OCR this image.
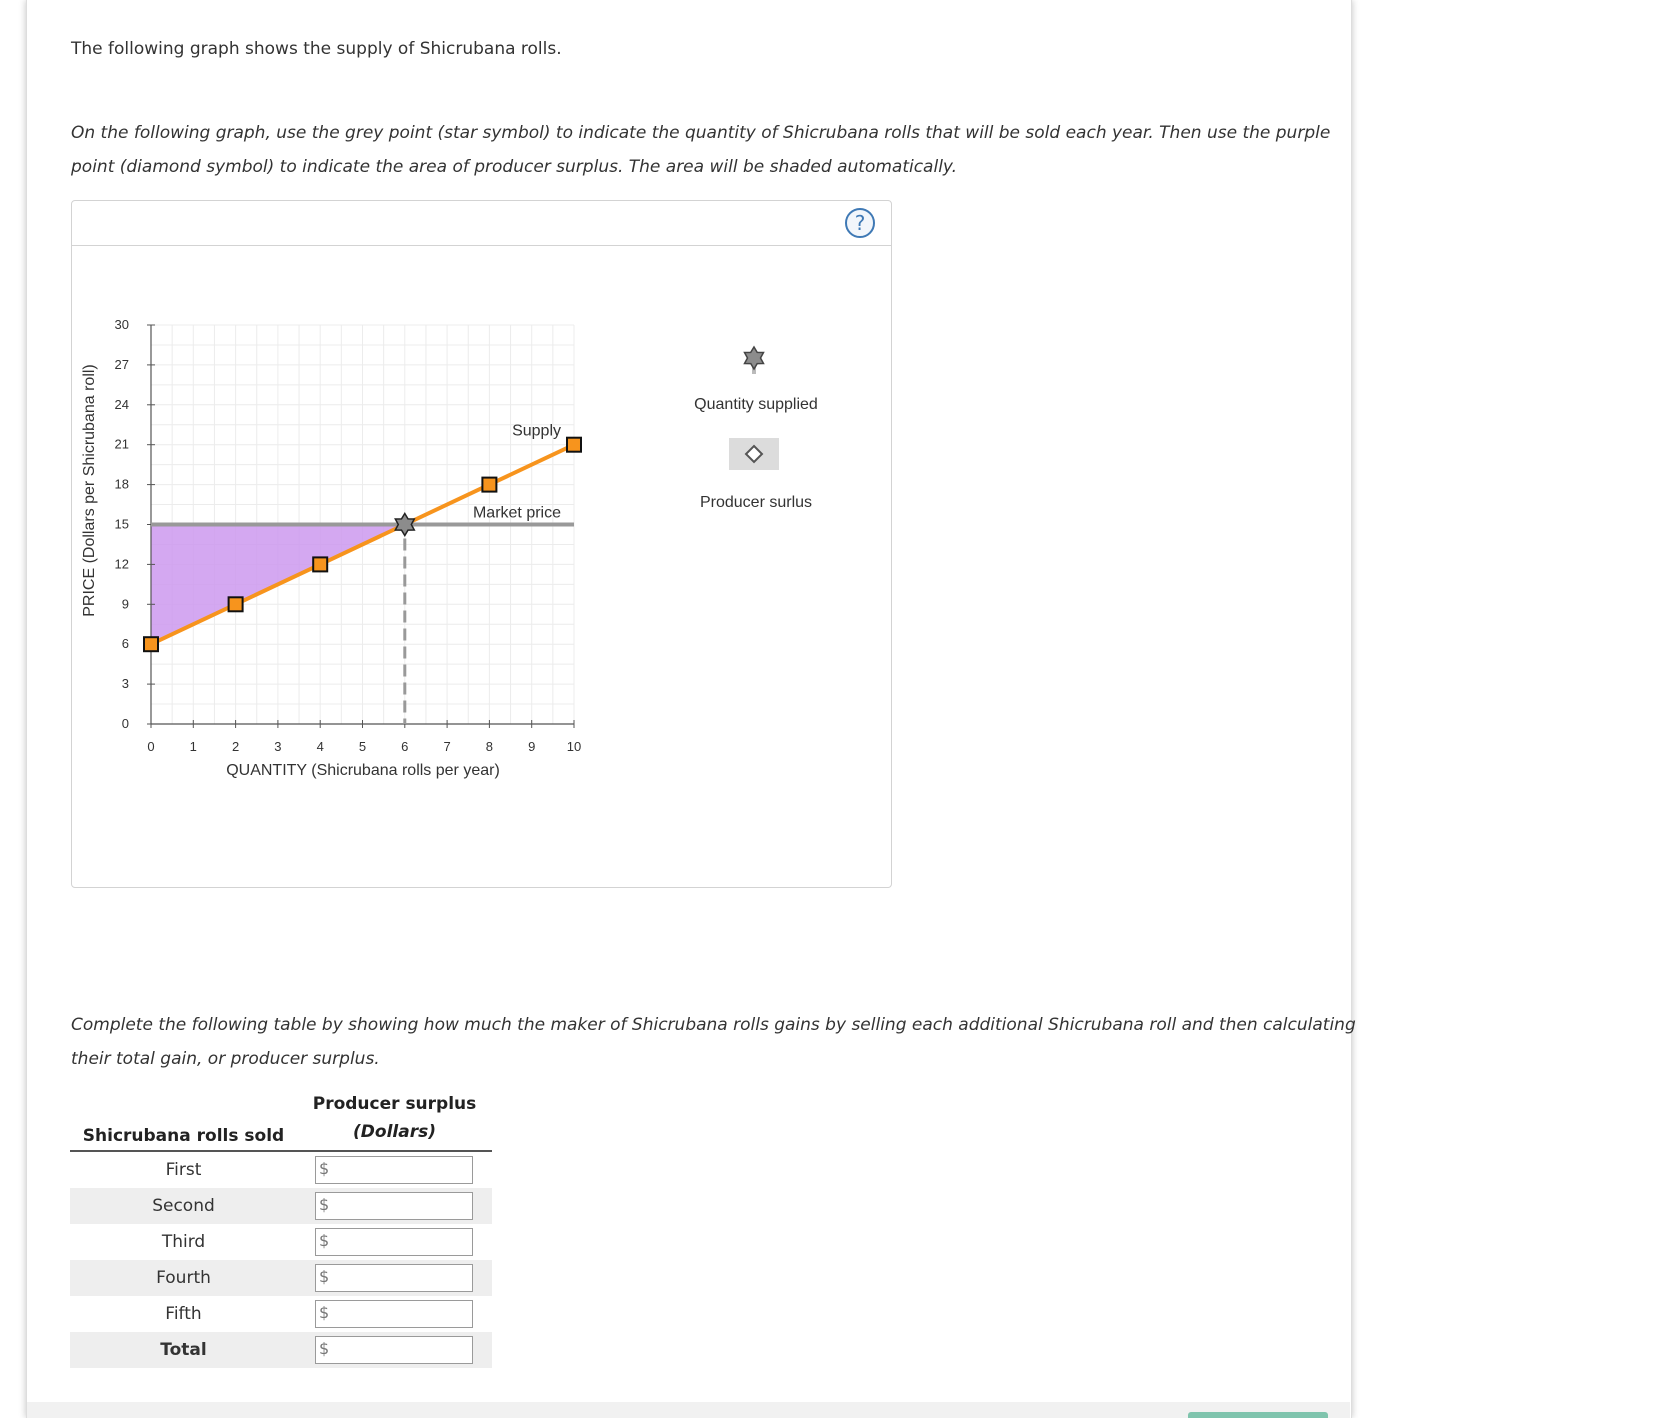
The following graph shows the supply of Shicrubana rolls.
On the following graph, use the grey point (star symbol) to indicate the quantity of Shicrubana rolls that will be sold each year. Then use the purple point (diamond symbol) to indicate the area of producer surplus. The area will be shaded automatically.
?
Supply
Market price
0	1	2	3	4	5	6	7	8	9 10
0
3
6
9
12
15
18
21
24
27
30
QUANTITY (Shicrubana rolls per year)
PRICE (Dollars per Shicrubana roll)	Quantity supplied
Producer surlus
Complete the following table by showing how much the maker of Shicrubana rolls gains by selling each additional Shicrubana roll and then calculating their total gain, or producer surplus.
Shicrubana rolls sold	Producer surplus
(Dollars)

First	$

Second	$

Third	$

Fourth	$

Fifth	$

Total	$
